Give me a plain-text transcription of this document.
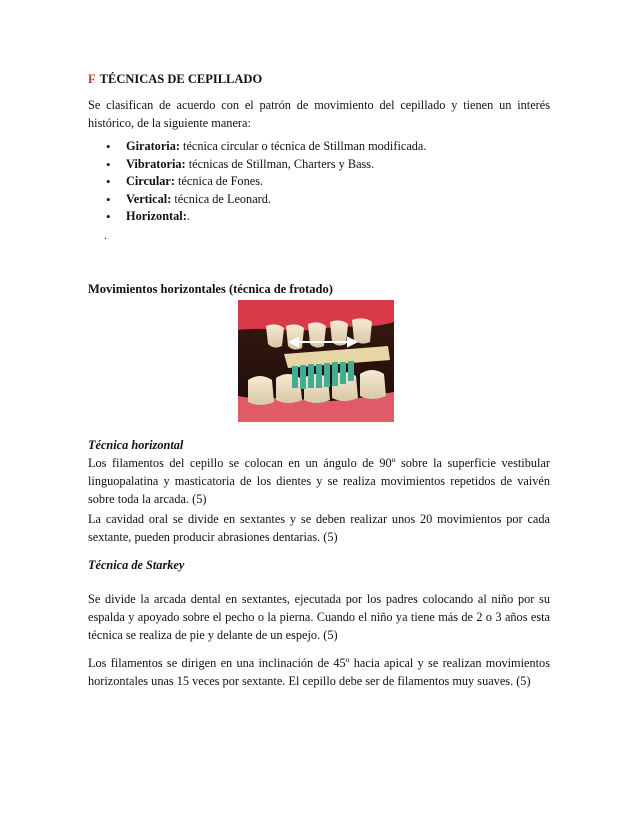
F TÉCNICAS DE CEPILLADO

Se clasifican de acuerdo con el patrón de movimiento del cepillado y tienen un interés histórico, de la siguiente manera:

• Giratoria: técnica circular o técnica de Stillman modificada.
• Vibratoria: técnicas de Stillman, Charters y Bass.
• Circular: técnica de Fones.
• Vertical: técnica de Leonard.
• Horizontal:.
.

Movimientos horizontales (técnica de frotado)

Técnica horizontal

Los filamentos del cepillo se colocan en un ángulo de 90º sobre la superficie vestibular linguopalatina y masticatoria de los dientes y se realiza movimientos repetidos de vaivén sobre toda la arcada. (5)

La cavidad oral se divide en sextantes y se deben realizar unos 20 movimientos por cada sextante, pueden producir abrasiones dentarias. (5)

Técnica de Starkey

Se divide la arcada dental en sextantes, ejecutada por los padres colocando al niño por su espalda y apoyado sobre el pecho o la pierna. Cuando el niño ya tiene más de 2 o 3 años esta técnica se realiza de pie y delante de un espejo. (5)

Los filamentos se dirigen en una inclinación de 45º hacia apical y se realizan movimientos horizontales unas 15 veces por sextante. El cepillo debe ser de filamentos muy suaves. (5)
